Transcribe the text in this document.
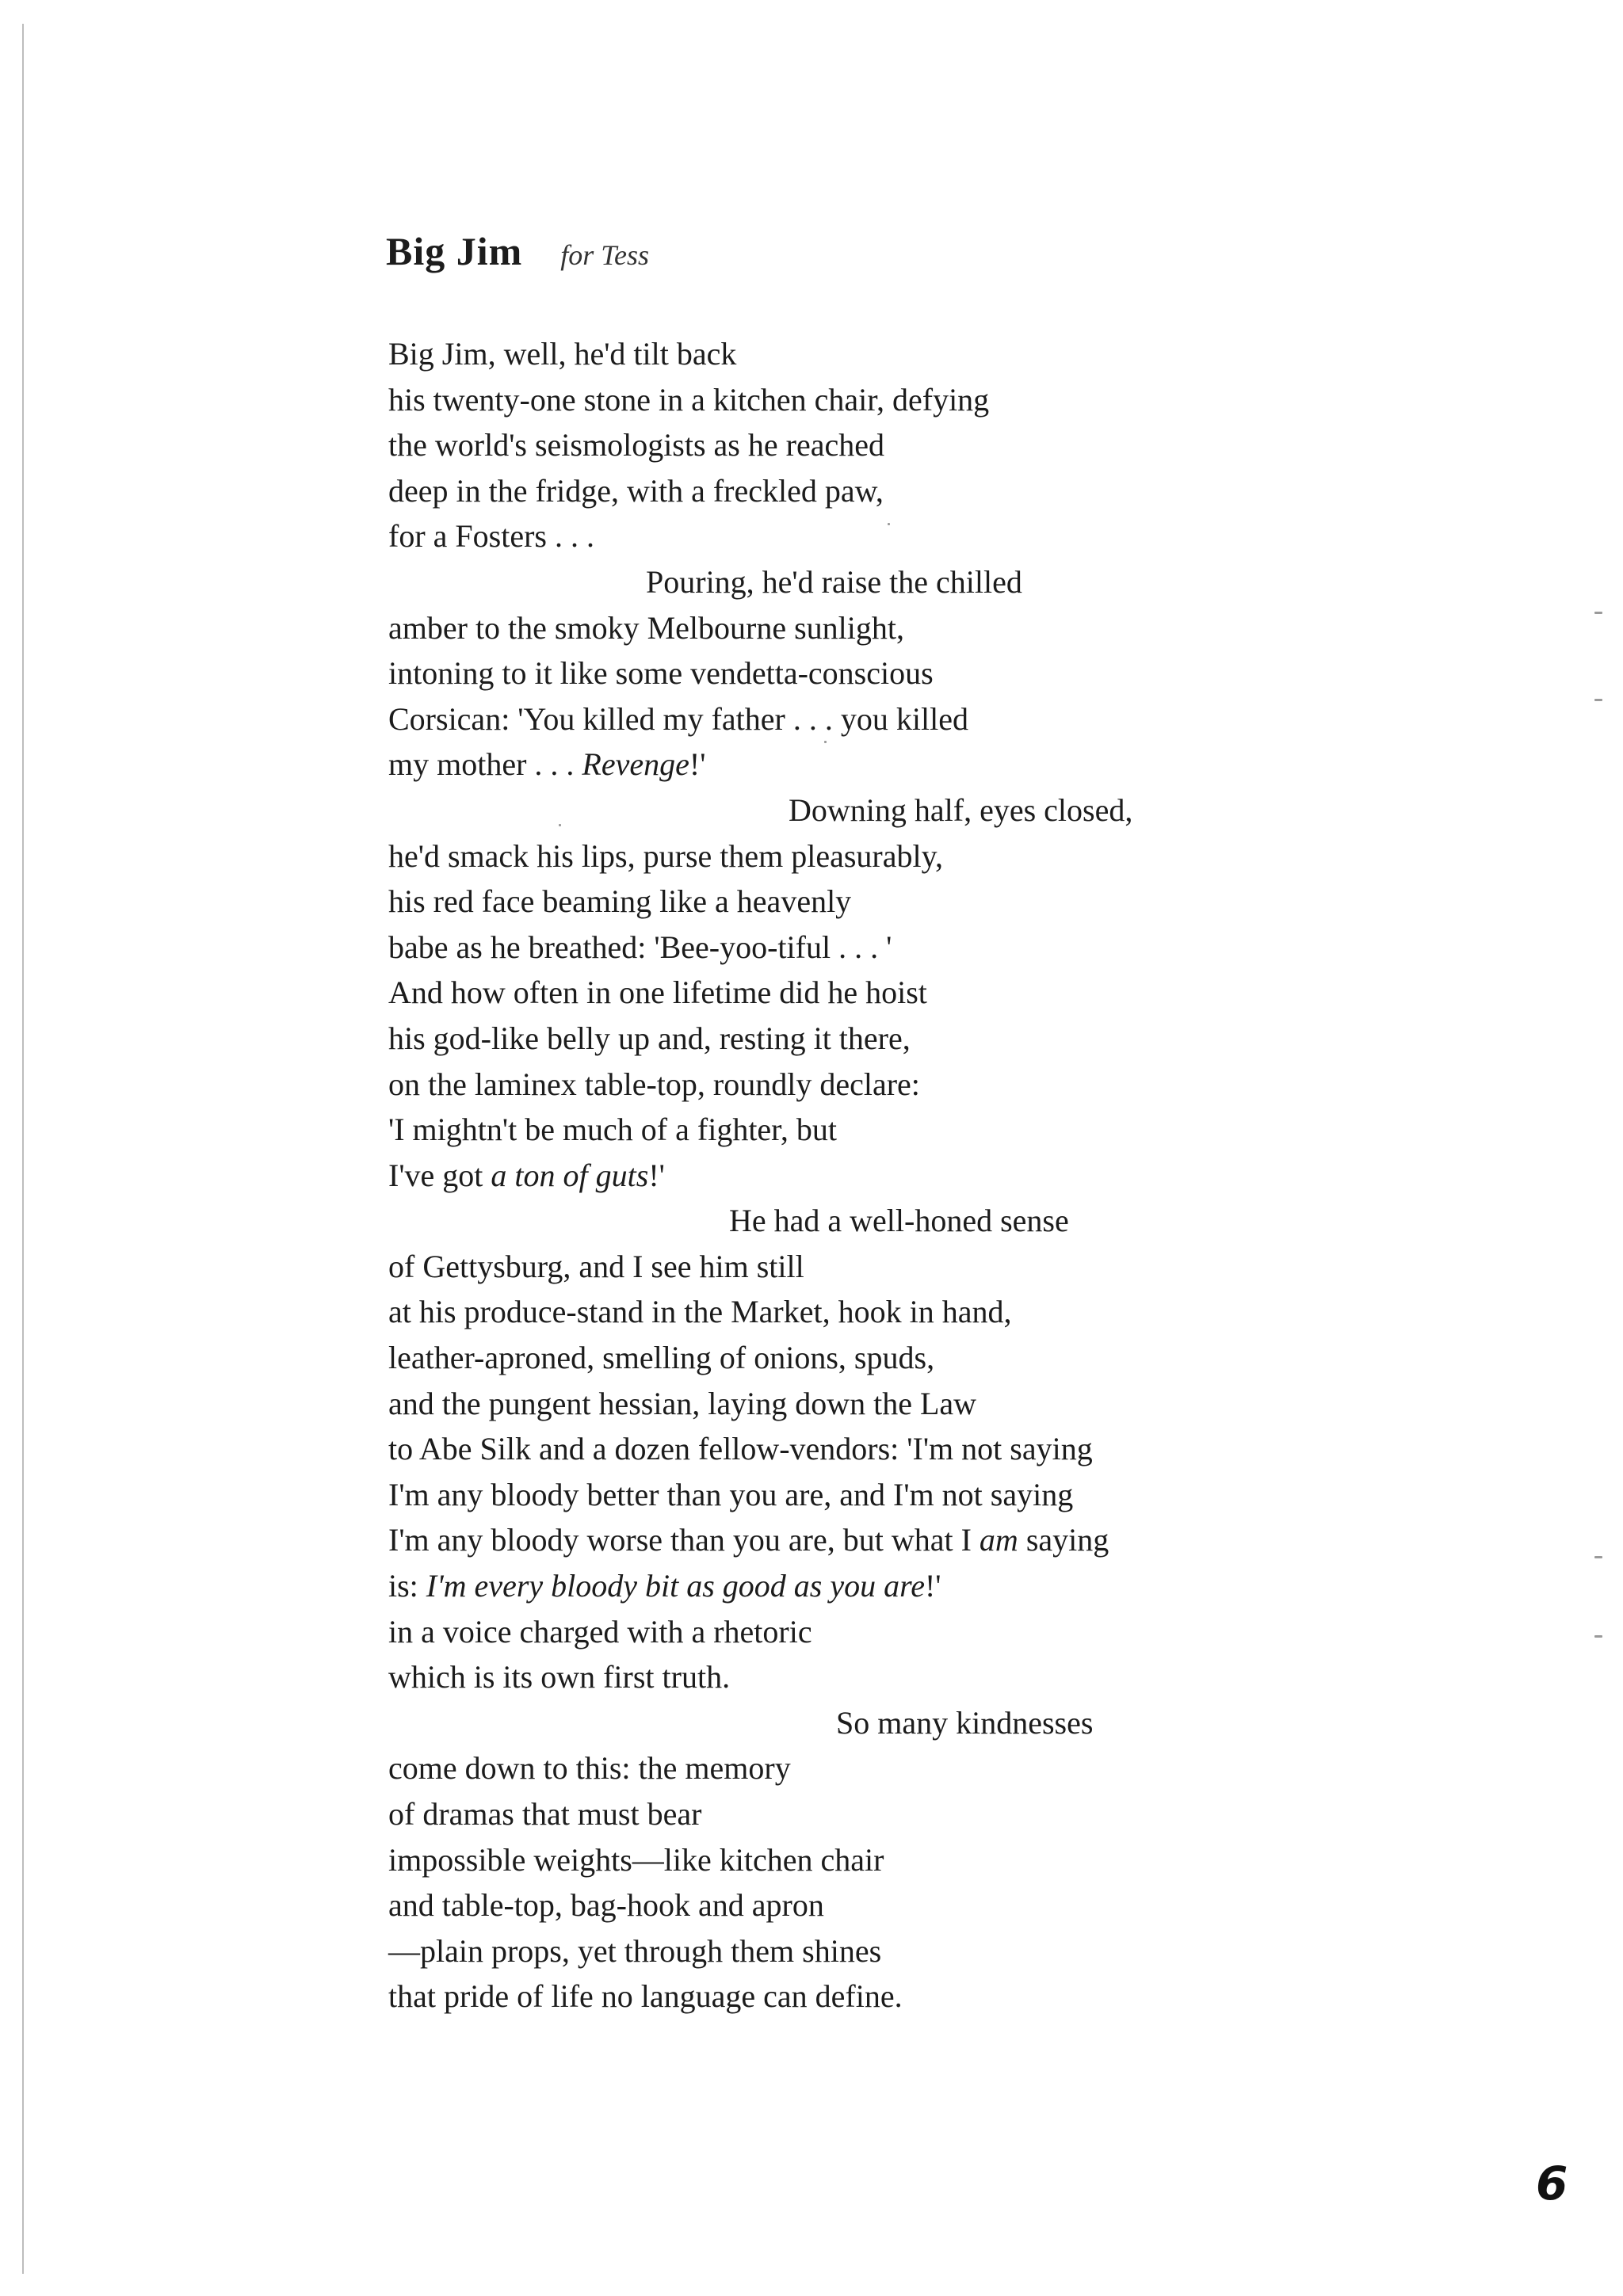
Big Jim for Tess
Big Jim, well, he'd tilt back
his twenty-one stone in a kitchen chair, defying
the world's seismologists as he reached
deep in the fridge, with a freckled paw,
for a Fosters . . .
Pouring, he'd raise the chilled
amber to the smoky Melbourne sunlight,
intoning to it like some vendetta-conscious
Corsican: 'You killed my father . . . you killed
my mother . . . Revenge!'
Downing half, eyes closed,
he'd smack his lips, purse them pleasurably,
his red face beaming like a heavenly
babe as he breathed: 'Bee-yoo-tiful . . . '
And how often in one lifetime did he hoist
his god-like belly up and, resting it there,
on the laminex table-top, roundly declare:
'I mightn't be much of a fighter, but
I've got a ton of guts!'
He had a well-honed sense
of Gettysburg, and I see him still
at his produce-stand in the Market, hook in hand,
leather-aproned, smelling of onions, spuds,
and the pungent hessian, laying down the Law
to Abe Silk and a dozen fellow-vendors: 'I'm not saying
I'm any bloody better than you are, and I'm not saying
I'm any bloody worse than you are, but what I am saying
is: I'm every bloody bit as good as you are!'
in a voice charged with a rhetoric
which is its own first truth.
So many kindnesses
come down to this: the memory
of dramas that must bear
impossible weights—like kitchen chair
and table-top, bag-hook and apron
—plain props, yet through them shines
that pride of life no language can define.
6
